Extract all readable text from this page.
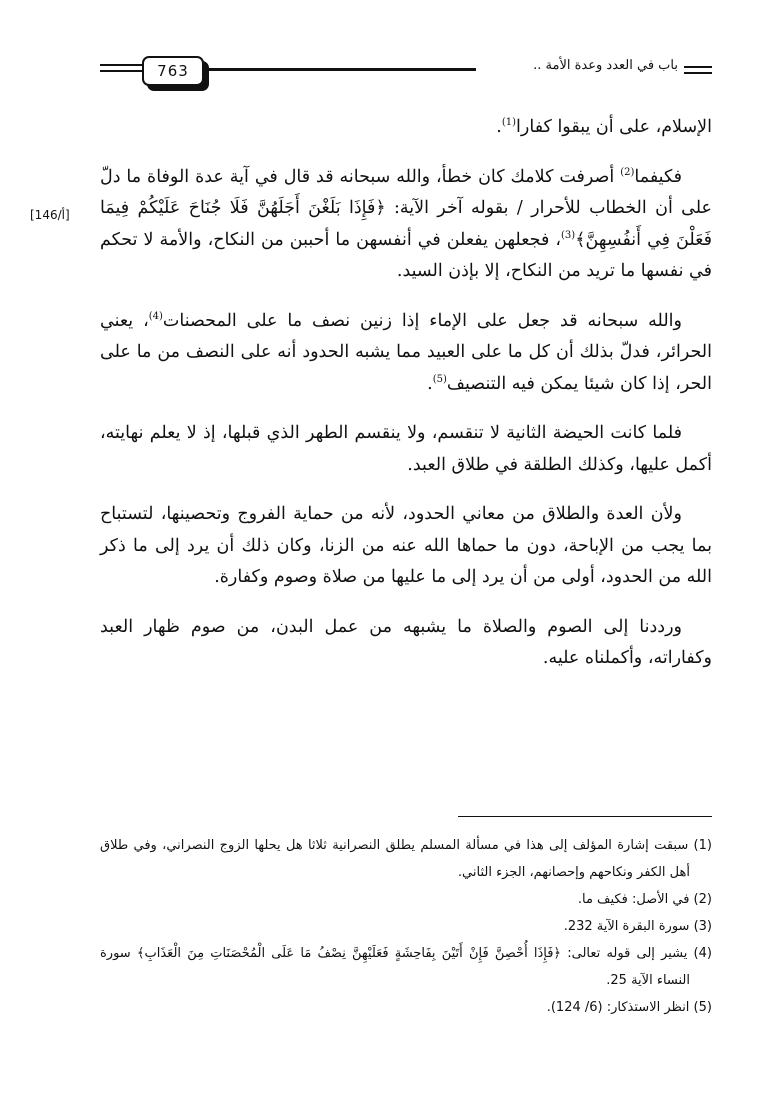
763	باب في العدد وعدة الأمة ..
[146/أ]

الإسلام، على أن يبقوا كفارا$^{(1)}$.

فكيفما$^{(2)}$ أصرفت كلامك كان خطأ، والله سبحانه قد قال في آية عدة الوفاة ما دلّ على أن الخطاب للأحرار / بقوله آخر الآية: ﴿فَإِذَا بَلَغْنَ أَجَلَهُنَّ فَلَا جُنَاحَ عَلَيْكُمْ فِيمَا فَعَلْنَ فِي أَنفُسِهِنَّ﴾$^{(3)}$، فجعلهن يفعلن في أنفسهن ما أحببن من النكاح، والأمة لا تحكم في نفسها ما تريد من النكاح، إلا بإذن السيد.

والله سبحانه قد جعل على الإماء إذا زنين نصف ما على المحصنات$^{(4)}$، يعني الحرائر، فدلّ بذلك أن كل ما على العبيد مما يشبه الحدود أنه على النصف من ما على الحر، إذا كان شيئا يمكن فيه التنصيف$^{(5)}$.

فلما كانت الحيضة الثانية لا تنقسم، ولا ينقسم الطهر الذي قبلها، إذ لا يعلم نهايته، أكمل عليها، وكذلك الطلقة في طلاق العبد.

ولأن العدة والطلاق من معاني الحدود، لأنه من حماية الفروج وتحصينها، لتستباح بما يجب من الإباحة، دون ما حماها الله عنه من الزنا، وكان ذلك أن يرد إلى ما ذكر الله من الحدود، أولى من أن يرد إلى ما عليها من صلاة وصوم وكفارة.

ورددنا إلى الصوم والصلاة ما يشبهه من عمل البدن، من صوم ظهار العبد وكفاراته، وأكملناه عليه.

(1) سبقت إشارة المؤلف إلى هذا في مسألة المسلم يطلق النصرانية ثلاثا هل يحلها الزوج النصراني، وفي طلاق أهل الكفر ونكاحهم وإحصانهم، الجزء الثاني.

(2) في الأصل: فكيف ما.

(3) سورة البقرة الآية 232.

(4) يشير إلى قوله تعالى: ﴿فَإِذَا أُحْصِنَّ فَإِنْ أَتَيْنَ بِفَاحِشَةٍ فَعَلَيْهِنَّ نِصْفُ مَا عَلَى الْمُحْصَنَاتِ مِنَ الْعَذَابِ﴾ سورة النساء الآية 25.

(5) انظر الاستذكار: (6/ 124).
